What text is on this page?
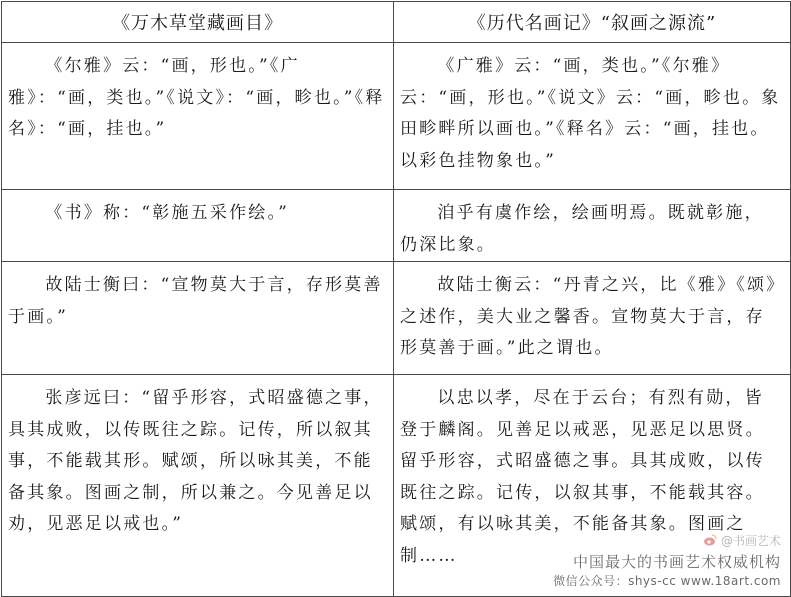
《万木草堂藏画目》	《历代名画记》“叙画之源流”

《尔雅》云：“画，形也。”《广雅》：“画，类也。”《说文》：“画，畛也。”《释名》：“画，挂也。”	《广雅》云：“画，类也。”《尔雅》云：“画，形也。”《说文》云：“画，畛也。象田畛畔所以画也。”《释名》云：“画，挂也。以彩色挂物象也。”

《书》称：“彰施五采作绘。”	洎乎有虞作绘，绘画明焉。既就彰施，仍深比象。

故陆士衡曰：“宣物莫大于言，存形莫善于画。”	故陆士衡云：“丹青之兴，比《雅》《颂》之述作，美大业之馨香。宣物莫大于言，存形莫善于画。”此之谓也。

张彦远曰：“留乎形容，式昭盛德之事，具其成败，以传既往之踪。记传，所以叙其事，不能载其形。赋颂，所以咏其美，不能备其象。图画之制，所以兼之。今见善足以劝，见恶足以戒也。”	以忠以孝，尽在于云台；有烈有勋，皆登于麟阁。见善足以戒恶，见恶足以思贤。留乎形容，式昭盛德之事。具其成败，以传既往之踪。记传，以叙其事，不能载其容。赋颂，有以咏其美，不能备其象。图画之制……

@书画艺术
中国最大的书画艺术权威机构
微信公众号：shys-cc www.18art.com
